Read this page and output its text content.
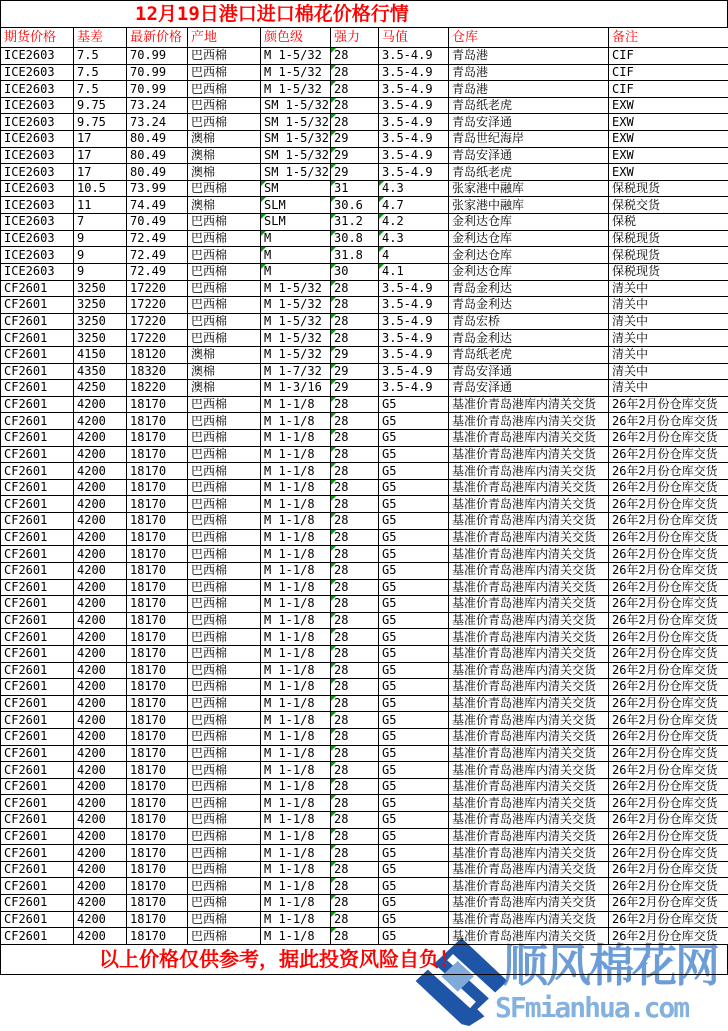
顺风棉花网
SFmianhua.com
12月19日港口进口棉花价格行情
期货价格	基差	最新价格	产地	颜色级	强力	马值	仓库	备注
ICE2603	7.5	70.99	巴西棉	M 1-5/32	28	3.5-4.9	青岛港	CIF
ICE2603	7.5	70.99	巴西棉	M 1-5/32	28	3.5-4.9	青岛港	CIF
ICE2603	7.5	70.99	巴西棉	M 1-5/32	28	3.5-4.9	青岛港	CIF
ICE2603	9.75	73.24	巴西棉	SM 1-5/32	28	3.5-4.9	青岛纸老虎	EXW
ICE2603	9.75	73.24	巴西棉	SM 1-5/32	28	3.5-4.9	青岛安泽通	EXW
ICE2603	17	80.49	澳棉	SM 1-5/32	29	3.5-4.9	青岛世纪海岸	EXW
ICE2603	17	80.49	澳棉	SM 1-5/32	29	3.5-4.9	青岛安泽通	EXW
ICE2603	17	80.49	澳棉	SM 1-5/32	29	3.5-4.9	青岛纸老虎	EXW
ICE2603	10.5	73.99	巴西棉	SM	31	4.3	张家港中融库	保税现货
ICE2603	11	74.49	澳棉	SLM	30.6	4.7	张家港中融库	保税交货
ICE2603	7	70.49	巴西棉	SLM	31.2	4.2	金利达仓库	保税
ICE2603	9	72.49	巴西棉	M	30.8	4.3	金利达仓库	保税现货
ICE2603	9	72.49	巴西棉	M	31.8	4	金利达仓库	保税现货
ICE2603	9	72.49	巴西棉	M	30	4.1	金利达仓库	保税现货
CF2601	3250	17220	巴西棉	M 1-5/32	28	3.5-4.9	青岛金利达	清关中
CF2601	3250	17220	巴西棉	M 1-5/32	28	3.5-4.9	青岛金利达	清关中
CF2601	3250	17220	巴西棉	M 1-5/32	28	3.5-4.9	青岛宏桥	清关中
CF2601	3250	17220	巴西棉	M 1-5/32	28	3.5-4.9	青岛金利达	清关中
CF2601	4150	18120	澳棉	M 1-5/32	29	3.5-4.9	青岛纸老虎	清关中
CF2601	4350	18320	澳棉	M 1-7/32	29	3.5-4.9	青岛安泽通	清关中
CF2601	4250	18220	澳棉	M 1-3/16	29	3.5-4.9	青岛安泽通	清关中
CF2601	4200	18170	巴西棉	M 1-1/8	28	G5	基准价青岛港库内清关交货	26年2月份仓库交货
CF2601	4200	18170	巴西棉	M 1-1/8	28	G5	基准价青岛港库内清关交货	26年2月份仓库交货
CF2601	4200	18170	巴西棉	M 1-1/8	28	G5	基准价青岛港库内清关交货	26年2月份仓库交货
CF2601	4200	18170	巴西棉	M 1-1/8	28	G5	基准价青岛港库内清关交货	26年2月份仓库交货
CF2601	4200	18170	巴西棉	M 1-1/8	28	G5	基准价青岛港库内清关交货	26年2月份仓库交货
CF2601	4200	18170	巴西棉	M 1-1/8	28	G5	基准价青岛港库内清关交货	26年2月份仓库交货
CF2601	4200	18170	巴西棉	M 1-1/8	28	G5	基准价青岛港库内清关交货	26年2月份仓库交货
CF2601	4200	18170	巴西棉	M 1-1/8	28	G5	基准价青岛港库内清关交货	26年2月份仓库交货
CF2601	4200	18170	巴西棉	M 1-1/8	28	G5	基准价青岛港库内清关交货	26年2月份仓库交货
CF2601	4200	18170	巴西棉	M 1-1/8	28	G5	基准价青岛港库内清关交货	26年2月份仓库交货
CF2601	4200	18170	巴西棉	M 1-1/8	28	G5	基准价青岛港库内清关交货	26年2月份仓库交货
CF2601	4200	18170	巴西棉	M 1-1/8	28	G5	基准价青岛港库内清关交货	26年2月份仓库交货
CF2601	4200	18170	巴西棉	M 1-1/8	28	G5	基准价青岛港库内清关交货	26年2月份仓库交货
CF2601	4200	18170	巴西棉	M 1-1/8	28	G5	基准价青岛港库内清关交货	26年2月份仓库交货
CF2601	4200	18170	巴西棉	M 1-1/8	28	G5	基准价青岛港库内清关交货	26年2月份仓库交货
CF2601	4200	18170	巴西棉	M 1-1/8	28	G5	基准价青岛港库内清关交货	26年2月份仓库交货
CF2601	4200	18170	巴西棉	M 1-1/8	28	G5	基准价青岛港库内清关交货	26年2月份仓库交货
CF2601	4200	18170	巴西棉	M 1-1/8	28	G5	基准价青岛港库内清关交货	26年2月份仓库交货
CF2601	4200	18170	巴西棉	M 1-1/8	28	G5	基准价青岛港库内清关交货	26年2月份仓库交货
CF2601	4200	18170	巴西棉	M 1-1/8	28	G5	基准价青岛港库内清关交货	26年2月份仓库交货
CF2601	4200	18170	巴西棉	M 1-1/8	28	G5	基准价青岛港库内清关交货	26年2月份仓库交货
CF2601	4200	18170	巴西棉	M 1-1/8	28	G5	基准价青岛港库内清关交货	26年2月份仓库交货
CF2601	4200	18170	巴西棉	M 1-1/8	28	G5	基准价青岛港库内清关交货	26年2月份仓库交货
CF2601	4200	18170	巴西棉	M 1-1/8	28	G5	基准价青岛港库内清关交货	26年2月份仓库交货
CF2601	4200	18170	巴西棉	M 1-1/8	28	G5	基准价青岛港库内清关交货	26年2月份仓库交货
CF2601	4200	18170	巴西棉	M 1-1/8	28	G5	基准价青岛港库内清关交货	26年2月份仓库交货
CF2601	4200	18170	巴西棉	M 1-1/8	28	G5	基准价青岛港库内清关交货	26年2月份仓库交货
CF2601	4200	18170	巴西棉	M 1-1/8	28	G5	基准价青岛港库内清关交货	26年2月份仓库交货
CF2601	4200	18170	巴西棉	M 1-1/8	28	G5	基准价青岛港库内清关交货	26年2月份仓库交货
CF2601	4200	18170	巴西棉	M 1-1/8	28	G5	基准价青岛港库内清关交货	26年2月份仓库交货
CF2601	4200	18170	巴西棉	M 1-1/8	28	G5	基准价青岛港库内清关交货	26年2月份仓库交货
CF2601	4200	18170	巴西棉	M 1-1/8	28	G5	基准价青岛港库内清关交货	26年2月份仓库交货
CF2601	4200	18170	巴西棉	M 1-1/8	28	G5	基准价青岛港库内清关交货	26年2月份仓库交货
以上价格仅供参考，据此投资风险自负！
